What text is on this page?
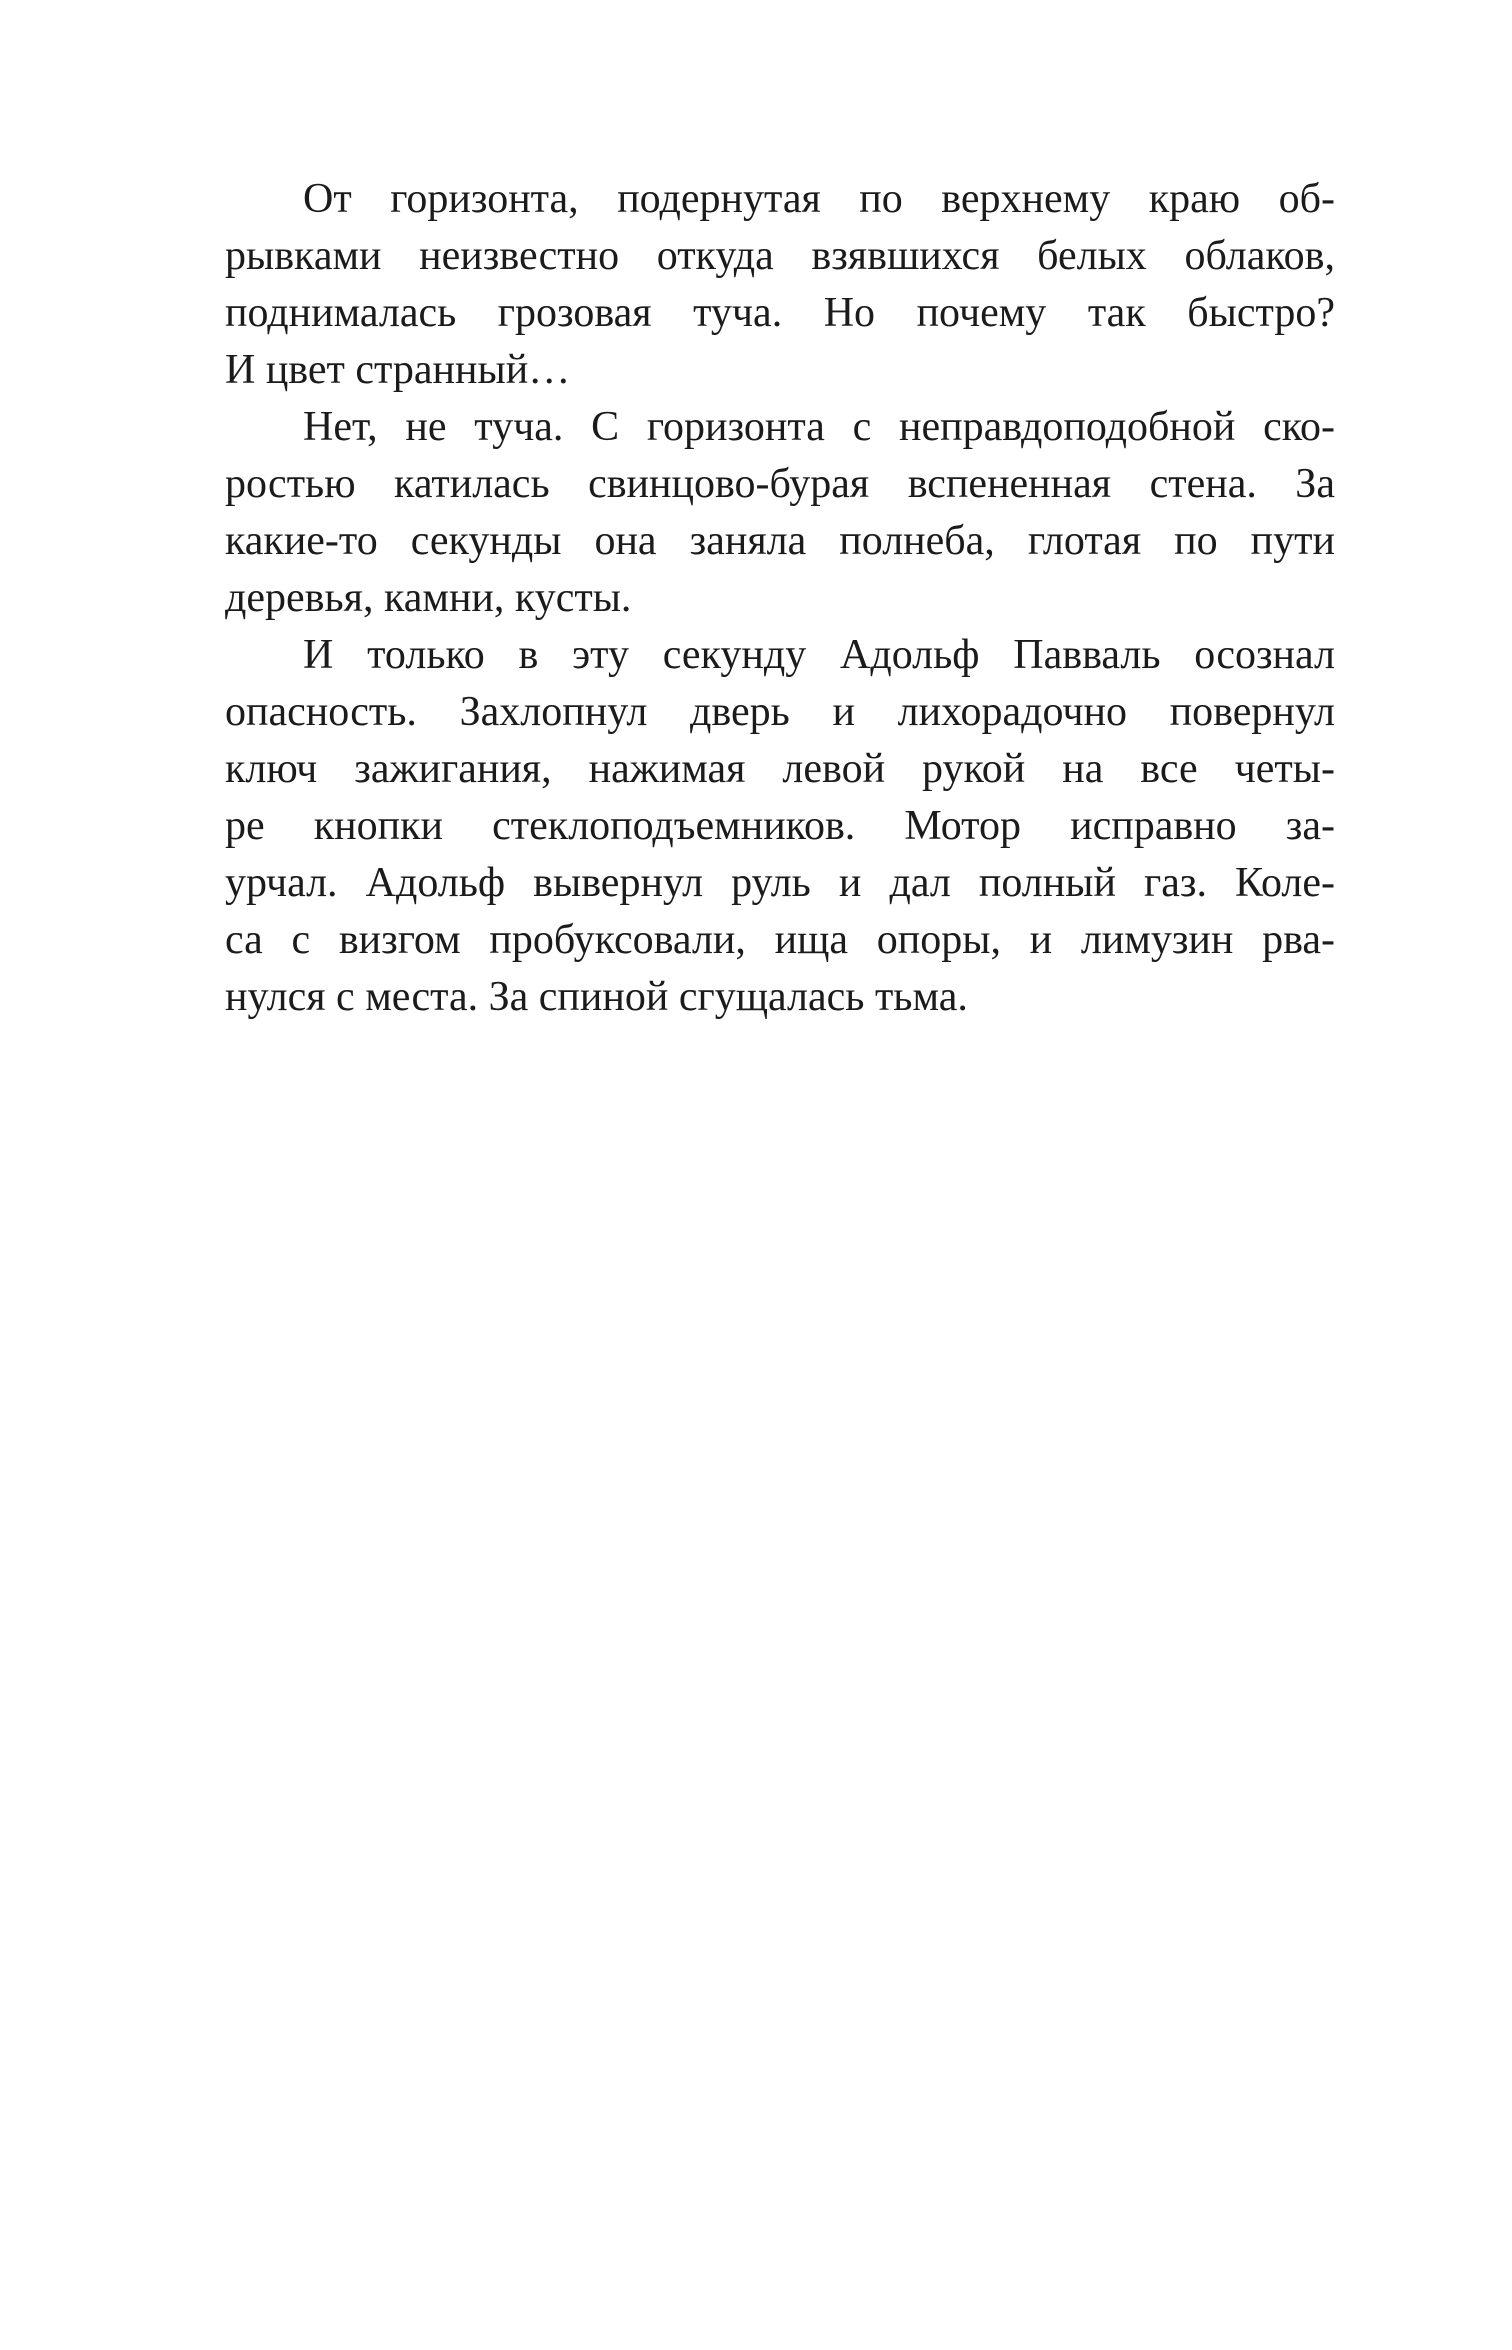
От горизонта, подернутая по верхнему краю об-
рывками неизвестно откуда взявшихся белых облаков,
поднималась грозовая туча. Но почему так быстро?
И цвет странный…
Нет, не туча. С горизонта с неправдоподобной ско-
ростью катилась свинцово-бурая вспененная стена. За
какие-то секунды она заняла полнеба, глотая по пути
деревья, камни, кусты.
И только в эту секунду Адольф Павваль осознал
опасность. Захлопнул дверь и лихорадочно повернул
ключ зажигания, нажимая левой рукой на все четы-
ре кнопки стеклоподъемников. Мотор исправно за-
урчал. Адольф вывернул руль и дал полный газ. Коле-
са с визгом пробуксовали, ища опоры, и лимузин рва-
нулся с места. За спиной сгущалась тьма.
